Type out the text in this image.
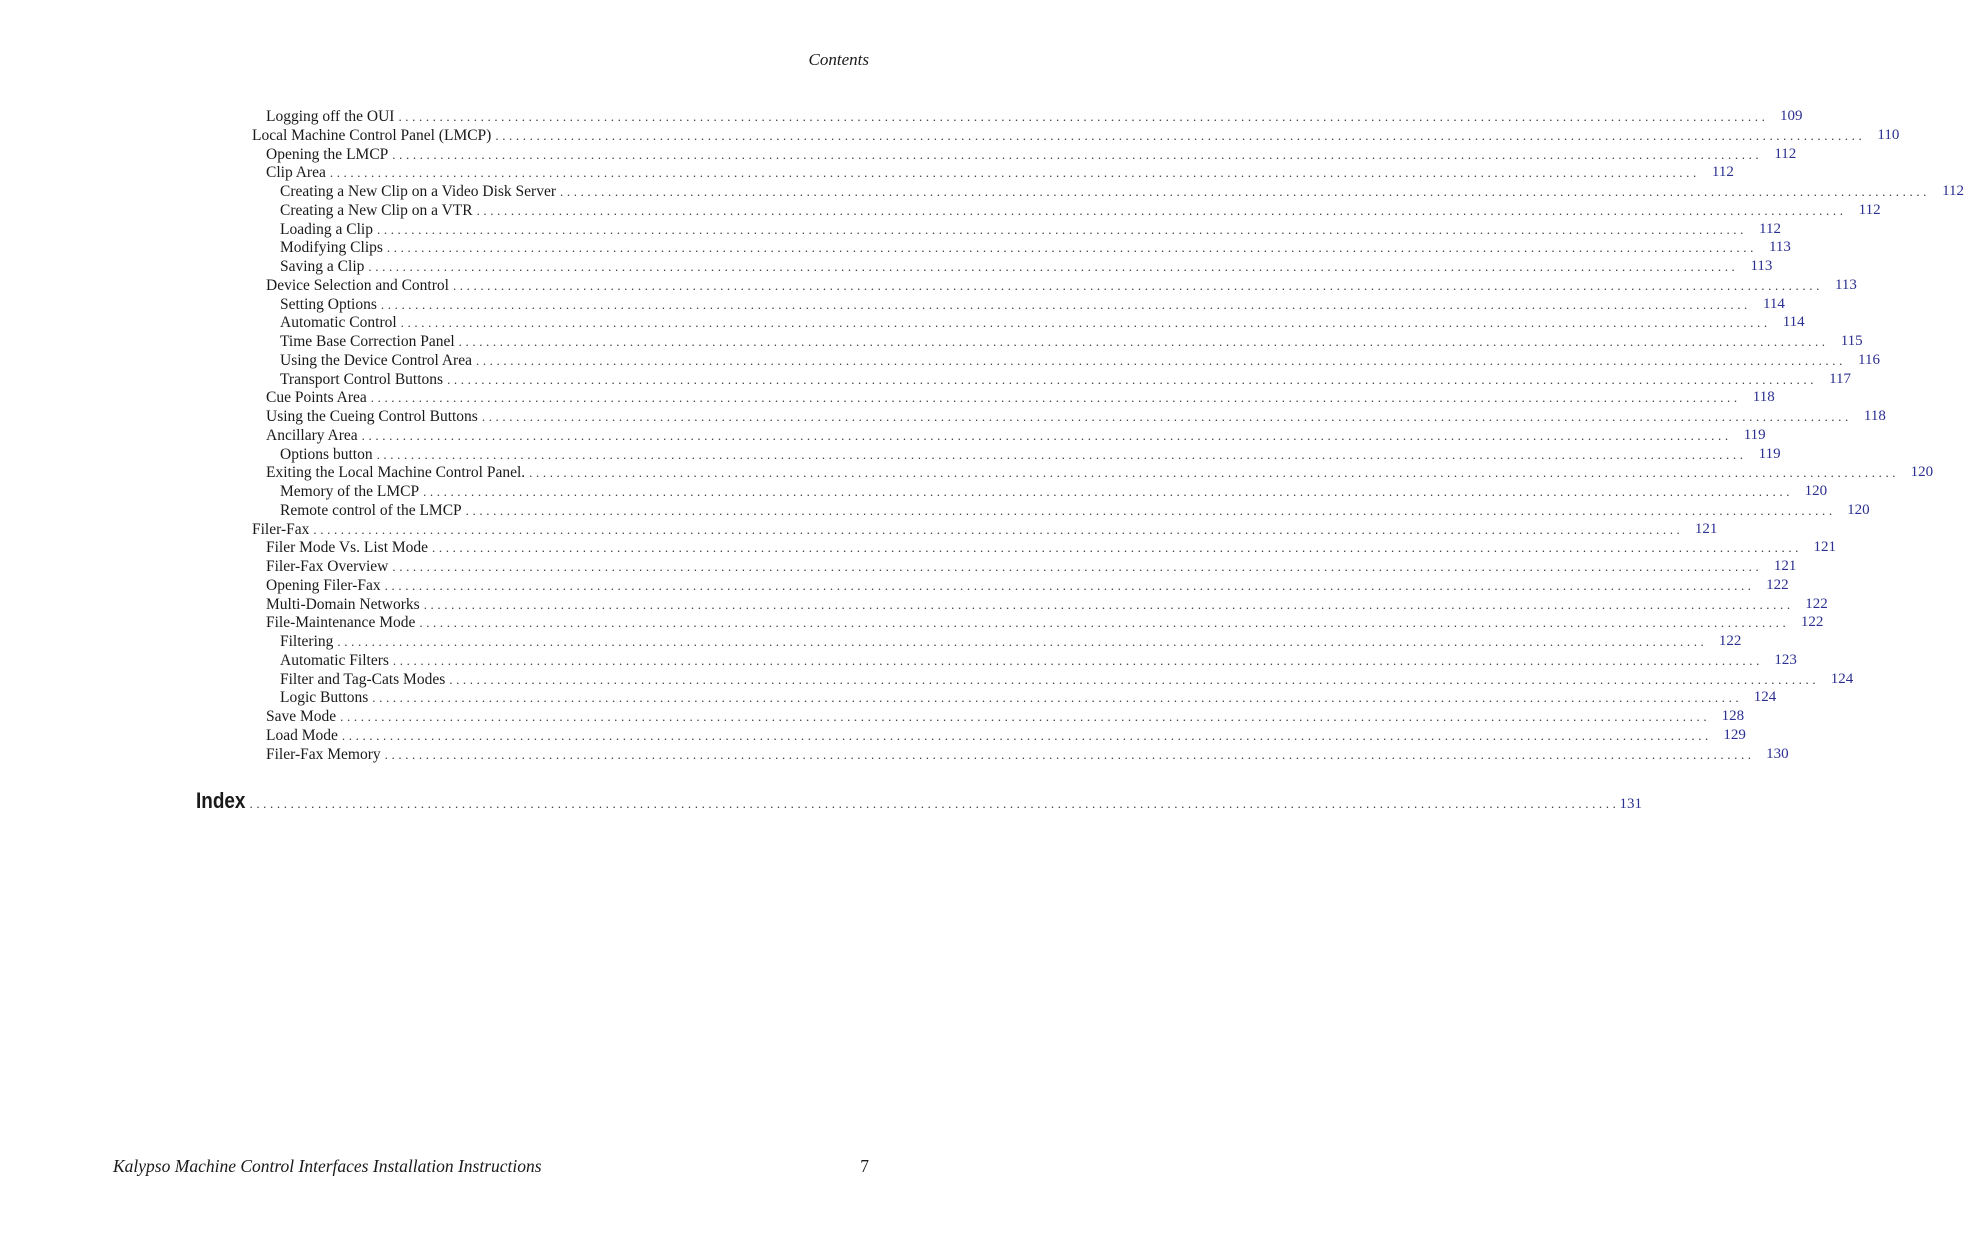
Contents
Logging off the OUI ........................................................................................................................................................................................................ 109
Local Machine Control Panel (LMCP) ........................................................................................................................................................................................................ 110
Opening the LMCP ........................................................................................................................................................................................................ 112
Clip Area ........................................................................................................................................................................................................ 112
Creating a New Clip on a Video Disk Server ........................................................................................................................................................................................................ 112
Creating a New Clip on a VTR ........................................................................................................................................................................................................ 112
Loading a Clip ........................................................................................................................................................................................................ 112
Modifying Clips ........................................................................................................................................................................................................ 113
Saving a Clip ........................................................................................................................................................................................................ 113
Device Selection and Control ........................................................................................................................................................................................................ 113
Setting Options ........................................................................................................................................................................................................ 114
Automatic Control ........................................................................................................................................................................................................ 114
Time Base Correction Panel ........................................................................................................................................................................................................ 115
Using the Device Control Area ........................................................................................................................................................................................................ 116
Transport Control Buttons ........................................................................................................................................................................................................ 117
Cue Points Area ........................................................................................................................................................................................................ 118
Using the Cueing Control Buttons ........................................................................................................................................................................................................ 118
Ancillary Area ........................................................................................................................................................................................................ 119
Options button ........................................................................................................................................................................................................ 119
Exiting the Local Machine Control Panel. ........................................................................................................................................................................................................ 120
Memory of the LMCP ........................................................................................................................................................................................................ 120
Remote control of the LMCP ........................................................................................................................................................................................................ 120
Filer-Fax ........................................................................................................................................................................................................ 121
Filer Mode Vs. List Mode ........................................................................................................................................................................................................ 121
Filer-Fax Overview ........................................................................................................................................................................................................ 121
Opening Filer-Fax ........................................................................................................................................................................................................ 122
Multi-Domain Networks ........................................................................................................................................................................................................ 122
File-Maintenance Mode ........................................................................................................................................................................................................ 122
Filtering ........................................................................................................................................................................................................ 122
Automatic Filters ........................................................................................................................................................................................................ 123
Filter and Tag-Cats Modes ........................................................................................................................................................................................................ 124
Logic Buttons ........................................................................................................................................................................................................ 124
Save Mode ........................................................................................................................................................................................................ 128
Load Mode ........................................................................................................................................................................................................ 129
Filer-Fax Memory ........................................................................................................................................................................................................ 130
Index ........................................................................................................................................................................................................ 131
Kalypso Machine Control Interfaces Installation Instructions	7
